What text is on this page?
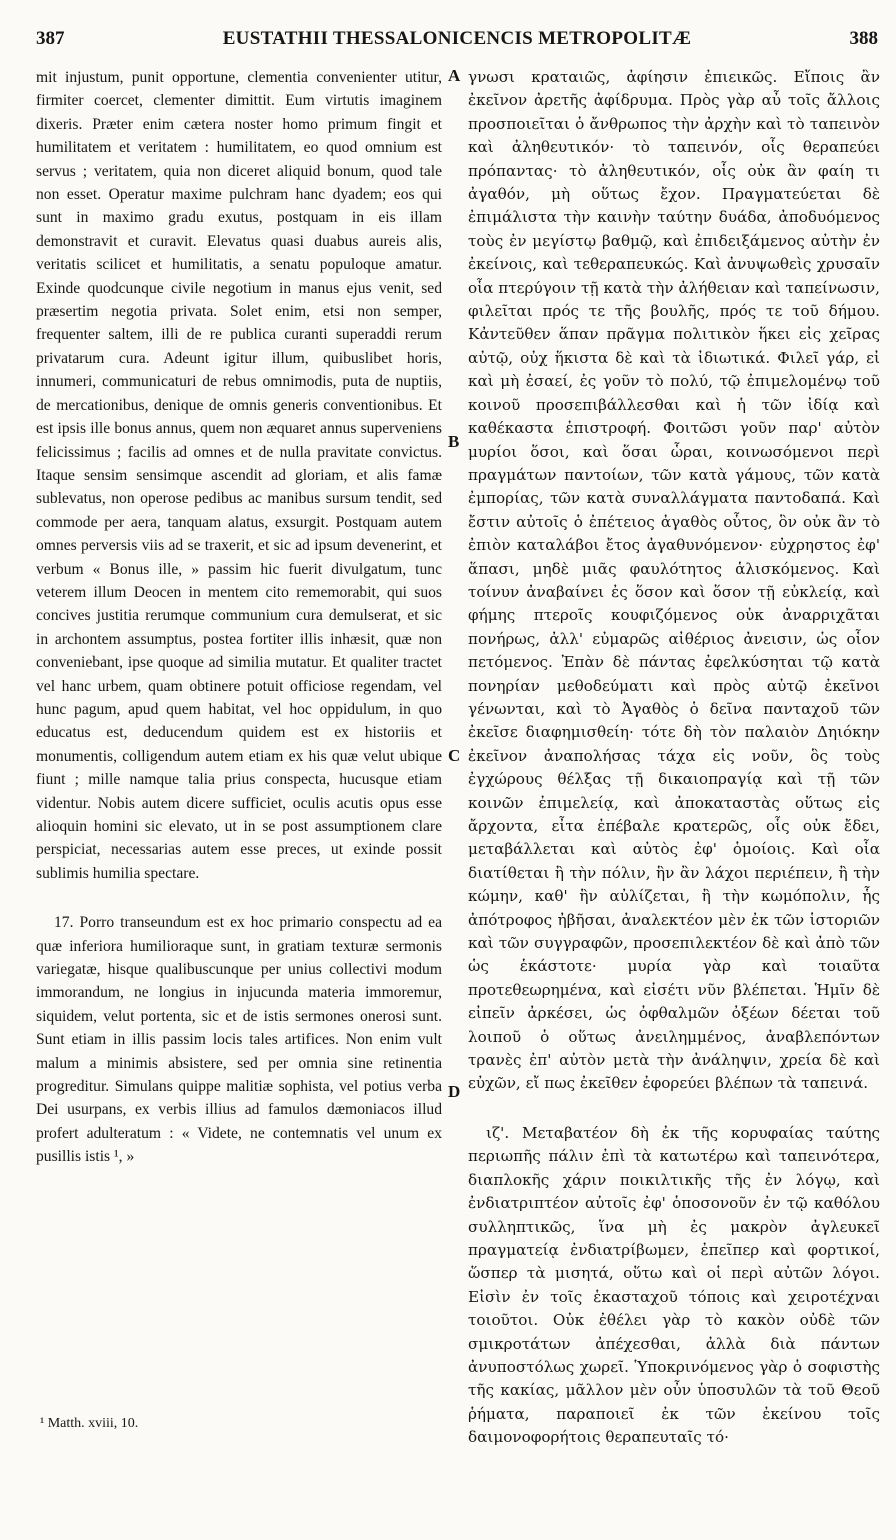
387	EUSTATHII THESSALONICENCIS METROPOLITÆ	388

mit injustum, punit opportune, clementia convenienter utitur, firmiter coercet, clementer dimittit. Eum virtutis imaginem dixeris. Præter enim cætera noster homo primum fingit et humilitatem et veritatem : humilitatem, eo quod omnium est servus ; veritatem, quia non diceret aliquid bonum, quod tale non esset. Operatur maxime pulchram hanc dyadem; eos qui sunt in maximo gradu exutus, postquam in eis illam demonstravit et curavit. Elevatus quasi duabus aureis alis, veritatis scilicet et humilitatis, a senatu populoque amatur. Exinde quodcunque civile negotium in manus ejus venit, sed præsertim negotia privata. Solet enim, etsi non semper, frequenter saltem, illi de re publica curanti superaddi rerum privatarum cura. Adeunt igitur illum, quibuslibet horis, innumeri, communicaturi de rebus omnimodis, puta de nuptiis, de mercationibus, denique de omnis generis conventionibus. Et est ipsis ille bonus annus, quem non æquaret annus superveniens felicissimus ; facilis ad omnes et de nulla pravitate convictus. Itaque sensim sensimque ascendit ad gloriam, et alis famæ sublevatus, non operose pedibus ac manibus sursum tendit, sed commode per aera, tanquam alatus, exsurgit. Postquam autem omnes perversis viis ad se traxerit, et sic ad ipsum devenerint, et verbum « Bonus ille, » passim hic fuerit divulgatum, tunc veterem illum Deocen in mentem cito rememorabit, qui suos concives justitia rerumque communium cura demulserat, et sic in archontem assumptus, postea fortiter illis inhæsit, quæ non conveniebant, ipse quoque ad similia mutatur. Et qualiter tractet vel hanc urbem, quam obtinere potuit officiose regendam, vel hunc pagum, apud quem habitat, vel hoc oppidulum, in quo educatus est, deducendum quidem est ex historiis et monumentis, colligendum autem etiam ex his quæ velut ubique fiunt ; mille namque talia prius conspecta, hucusque etiam videntur. Nobis autem dicere sufficiet, oculis acutis opus esse alioquin homini sic elevato, ut in se post assumptionem clare perspiciat, necessarias autem esse preces, ut exinde possit sublimis humilia spectare.

17. Porro transeundum est ex hoc primario conspectu ad ea quæ inferiora humilioraque sunt, in gratiam texturæ sermonis variegatæ, hisque qualibuscunque per unius collectivi modum immorandum, ne longius in injucunda materia immoremur, siquidem, velut portenta, sic et de istis sermones onerosi sunt. Sunt etiam in illis passim locis tales artifices. Non enim vult malum a minimis absistere, sed per omnia sine retinentia progreditur. Simulans quippe malitiæ sophista, vel potius verba Dei usurpans, ex verbis illius ad famulos dæmoniacos illud profert adulteratum : « Videte, ne contemnatis vel unum ex pusillis istis ¹, »

A
B
C
D

γνωσι κραταιῶς, ἀφίησιν ἐπιεικῶς. Εἴποις ἂν ἐκεῖνον ἀρετῆς ἀφίδρυμα. Πρὸς γὰρ αὖ τοῖς ἄλλοις προσποιεῖται ὁ ἄνθρωπος τὴν ἀρχὴν καὶ τὸ ταπεινὸν καὶ ἀληθευτικόν· τὸ ταπεινόν, οἷς θεραπεύει πρόπαντας· τὸ ἀληθευτικόν, οἷς οὐκ ἂν φαίη τι ἀγαθόν, μὴ οὕτως ἔχον. Πραγματεύεται δὲ ἐπιμάλιστα τὴν καινὴν ταύτην δυάδα, ἀποδυόμενος τοὺς ἐν μεγίστῳ βαθμῷ, καὶ ἐπιδειξάμενος αὐτὴν ἐν ἐκείνοις, καὶ τεθεραπευκώς. Καὶ ἀνυψωθεὶς χρυσαῖν οἷα πτερύγοιν τῇ κατὰ τὴν ἀλήθειαν καὶ ταπείνωσιν, φιλεῖται πρός τε τῆς βουλῆς, πρός τε τοῦ δήμου. Κἀντεῦθεν ἅπαν πρᾶγμα πολιτικὸν ἥκει εἰς χεῖρας αὐτῷ, οὐχ ἥκιστα δὲ καὶ τὰ ἰδιωτικά. Φιλεῖ γάρ, εἰ καὶ μὴ ἐσαεί, ἐς γοῦν τὸ πολύ, τῷ ἐπιμελομένῳ τοῦ κοινοῦ προσεπιβάλλεσθαι καὶ ἡ τῶν ἰδίᾳ καὶ καθέκαστα ἐπιστροφή. Φοιτῶσι γοῦν παρ' αὐτὸν μυρίοι ὅσοι, καὶ ὅσαι ὧραι, κοινωσόμενοι περὶ πραγμάτων παντοίων, τῶν κατὰ γάμους, τῶν κατὰ ἐμπορίας, τῶν κατὰ συναλλάγματα παντοδαπά. Καὶ ἔστιν αὐτοῖς ὁ ἐπέτειος ἀγαθὸς οὗτος, ὃν οὐκ ἂν τὸ ἐπιὸν καταλάβοι ἔτος ἀγαθυνόμενον· εὐχρηστος ἐφ' ἅπασι, μηδὲ μιᾶς φαυλότητος ἁλισκόμενος. Καὶ τοίνυν ἀναβαίνει ἐς ὅσον καὶ ὅσον τῇ εὐκλείᾳ, καὶ φήμης πτεροῖς κουφιζόμενος οὐκ ἀναρριχᾶται πονήρως, ἀλλ' εὐμαρῶς αἰθέριος ἀνεισιν, ὡς οἷον πετόμενος. Ἐπὰν δὲ πάντας ἐφελκύσηται τῷ κατὰ πονηρίαν μεθοδεύματι καὶ πρὸς αὐτῷ ἐκεῖνοι γένωνται, καὶ τὸ Ἀγαθὸς ὁ δεῖνα πανταχοῦ τῶν ἐκεῖσε διαφημισθείη· τότε δὴ τὸν παλαιὸν Δηιόκην ἐκεῖνον ἀναπολήσας τάχα εἰς νοῦν, ὃς τοὺς ἐγχώρους θέλξας τῇ δικαιοπραγίᾳ καὶ τῇ τῶν κοινῶν ἐπιμελείᾳ, καὶ ἀποκαταστὰς οὕτως εἰς ἄρχοντα, εἶτα ἐπέβαλε κρατερῶς, οἷς οὐκ ἔδει, μεταβάλλεται καὶ αὐτὸς ἐφ' ὁμοίοις. Καὶ οἷα διατίθεται ἢ τὴν πόλιν, ἣν ἂν λάχοι περιέπειν, ἢ τὴν κώμην, καθ' ἣν αὐλίζεται, ἢ τὴν κωμόπολιν, ἧς ἀπότροφος ἠβῆσαι, ἀναλεκτέον μὲν ἐκ τῶν ἱστοριῶν καὶ τῶν συγγραφῶν, προσεπιλεκτέον δὲ καὶ ἀπὸ τῶν ὡς ἑκάστοτε· μυρία γὰρ καὶ τοιαῦτα προτεθεωρημένα, καὶ εἰσέτι νῦν βλέπεται. Ἡμῖν δὲ εἰπεῖν ἀρκέσει, ὡς ὀφθαλμῶν ὀξέων δέεται τοῦ λοιποῦ ὁ οὕτως ἀνειλημμένος, ἀναβλεπόντων τρανὲς ἐπ' αὐτὸν μετὰ τὴν ἀνάληψιν, χρεία δὲ καὶ εὐχῶν, εἴ πως ἐκεῖθεν ἐφορεύει βλέπων τὰ ταπεινά.

ιζ'. Μεταβατέον δὴ ἐκ τῆς κορυφαίας ταύτης περιωπῆς πάλιν ἐπὶ τὰ κατωτέρω καὶ ταπεινότερα, διαπλοκῆς χάριν ποικιλτικῆς τῆς ἐν λόγῳ, καὶ ἐνδιατριπτέον αὐτοῖς ἐφ' ὁποσονοῦν ἐν τῷ καθόλου συλληπτικῶς, ἵνα μὴ ἐς μακρὸν ἀγλευκεῖ πραγματείᾳ ἐνδιατρίβωμεν, ἐπεῖπερ καὶ φορτικοί, ὥσπερ τὰ μισητά, οὕτω καὶ οἱ περὶ αὐτῶν λόγοι. Εἰσὶν ἐν τοῖς ἑκασταχοῦ τόποις καὶ χειροτέχναι τοιοῦτοι. Οὐκ ἐθέλει γὰρ τὸ κακὸν οὐδὲ τῶν σμικροτάτων ἀπέχεσθαι, ἀλλὰ διὰ πάντων ἀνυποστόλως χωρεῖ. Ὑποκρινόμενος γὰρ ὁ σοφιστὴς τῆς κακίας, μᾶλλον μὲν οὖν ὑποσυλῶν τὰ τοῦ Θεοῦ ῥήματα, παραποιεῖ ἐκ τῶν ἐκείνου τοῖς δαιμονοφορήτοις θεραπευταῖς τό·

¹ Matth. xviii, 10.
